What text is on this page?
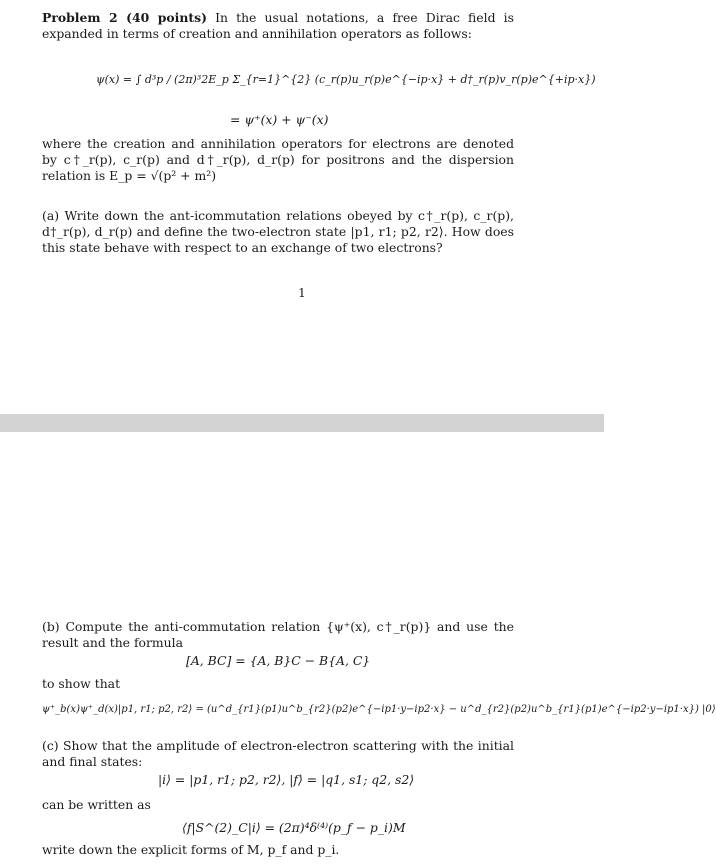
Problem 2 (40 points) In the usual notations, a free Dirac field is expanded in terms of creation and annihilation operators as follows:
ψ(x) = ∫ d³p / (2π)³2E_p Σ_{r=1}^{2} (c_r(p)u_r(p)e^{−ip·x} + d†_r(p)v_r(p)e^{+ip·x})
= ψ⁺(x) + ψ⁻(x)
where the creation and annihilation operators for electrons are denoted by c†_r(p), c_r(p) and d†_r(p), d_r(p) for positrons and the dispersion relation is E_p = √(p² + m²)
(a) Write down the ant-icommutation relations obeyed by c†_r(p), c_r(p), d†_r(p), d_r(p) and define the two-electron state |p1, r1; p2, r2⟩. How does this state behave with respect to an exchange of two electrons?
1
(b) Compute the anti-commutation relation {ψ⁺(x), c†_r(p)} and use the result and the formula
[A, BC] = {A, B}C − B{A, C}
to show that
ψ⁺_b(x)ψ⁺_d(x)|p1, r1; p2, r2⟩ = (u^d_{r1}(p1)u^b_{r2}(p2)e^{−ip1·y−ip2·x} − u^d_{r2}(p2)u^b_{r1}(p1)e^{−ip2·y−ip1·x}) |0⟩
(c) Show that the amplitude of electron-electron scattering with the initial and final states:
|i⟩ = |p1, r1; p2, r2⟩, |f⟩ = |q1, s1; q2, s2⟩
can be written as
⟨f|S^(2)_C|i⟩ = (2π)⁴δ⁽⁴⁾(p_f − p_i)M
write down the explicit forms of M, p_f and p_i.
